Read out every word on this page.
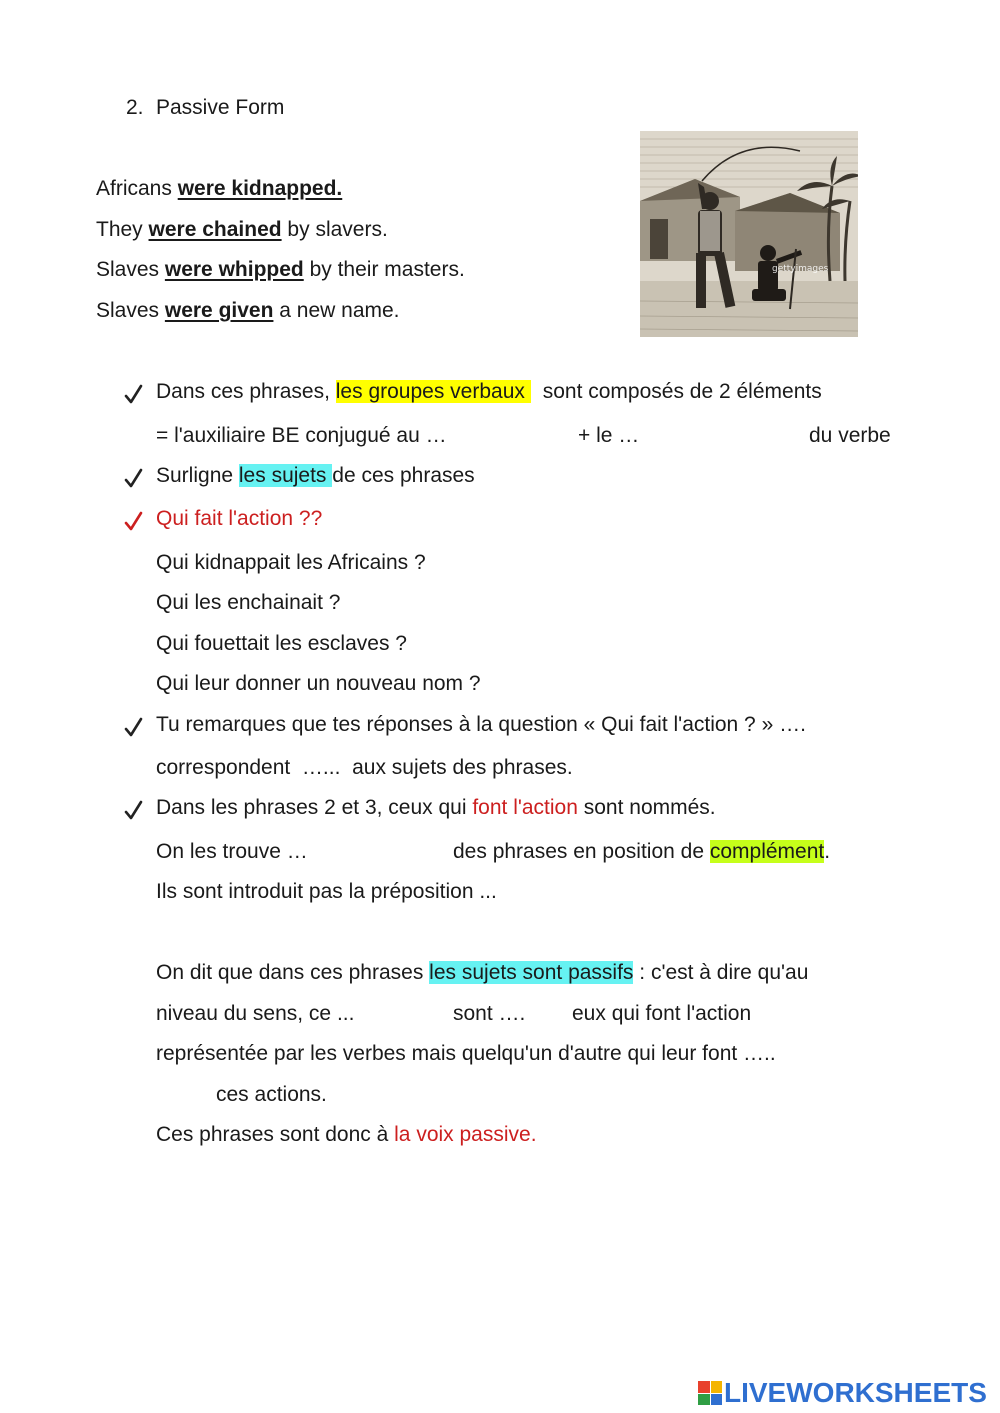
2. Passive Form
Africans were kidnapped.
They were chained by slavers.
Slaves were whipped by their masters.
Slaves were given a new name.
gettyimages
Dans ces phrases, les groupes verbaux sont composés de 2 éléments
= l'auxiliaire BE conjugué au …	+ le …	du verbe
Surligne les sujets de ces phrases
Qui fait l'action ??
Qui kidnappait les Africains ?
Qui les enchainait ?
Qui fouettait les esclaves ?
Qui leur donner un nouveau nom ?
Tu remarques que tes réponses à la question « Qui fait l'action ? » ….
correspondent  …...  aux sujets des phrases.
Dans les phrases 2 et 3, ceux qui font l'action sont nommés.
On les trouve …	des phrases en position de complément.
Ils sont introduit pas la préposition ...
On dit que dans ces phrases les sujets sont passifs : c'est à dire qu'au
niveau du sens, ce ...	sont …. eux qui font l'action
représentée par les verbes mais quelqu'un d'autre qui leur font …..
ces actions.
Ces phrases sont donc à la voix passive.
LIVEWORKSHEETS
